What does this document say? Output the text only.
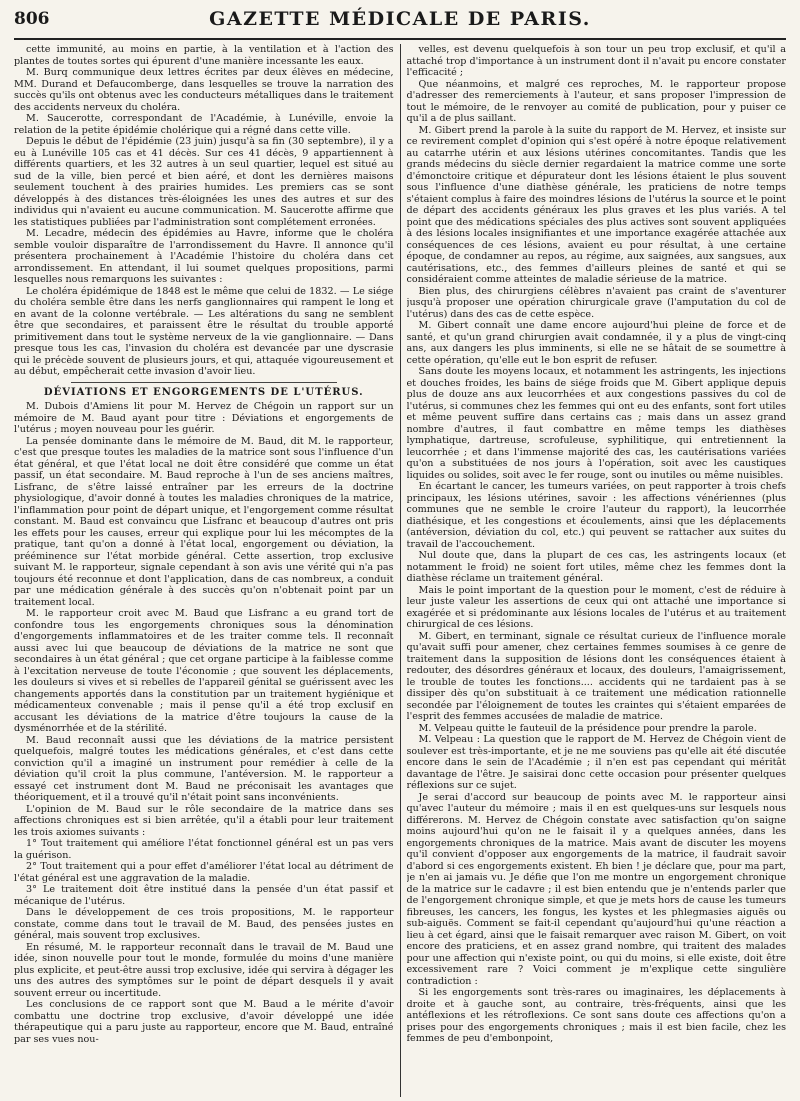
806	GAZETTE MÉDICALE DE PARIS.

cette immunité, au moins en partie, à la ventilation et à l'action des plantes de toutes sortes qui épurent d'une manière incessante les eaux.

M. Burq communique deux lettres écrites par deux élèves en médecine, MM. Durand et Defaucomberge, dans lesquelles se trouve la narration des succès qu'ils ont obtenus avec les conducteurs métalliques dans le traitement des accidents nerveux du choléra.

M. Saucerotte, correspondant de l'Académie, à Lunéville, envoie la relation de la petite épidémie cholérique qui a régné dans cette ville.

Depuis le début de l'épidémie (23 juin) jusqu'à sa fin (30 septembre), il y a eu à Lunéville 105 cas et 41 décès. Sur ces 41 décès, 9 appartiennent à différents quartiers, et les 32 autres à un seul quartier, lequel est situé au sud de la ville, bien percé et bien aéré, et dont les dernières maisons seulement touchent à des prairies humides. Les premiers cas se sont développés à des distances très-éloignées les unes des autres et sur des individus qui n'avaient eu aucune communication. M. Saucerotte affirme que les statistiques publiées par l'administration sont complétement erronées.

M. Lecadre, médecin des épidémies au Havre, informe que le choléra semble vouloir disparaître de l'arrondissement du Havre. Il annonce qu'il présentera prochainement à l'Académie l'histoire du choléra dans cet arrondissement. En attendant, il lui soumet quelques propositions, parmi lesquelles nous remarquons les suivantes :

Le choléra épidémique de 1848 est le même que celui de 1832. — Le siége du choléra semble être dans les nerfs ganglionnaires qui rampent le long et en avant de la colonne vertébrale. — Les altérations du sang ne semblent être que secondaires, et paraissent être le résultat du trouble apporté primitivement dans tout le système nerveux de la vie ganglionnaire. — Dans presque tous les cas, l'invasion du choléra est devancée par une dyscrasie qui le précède souvent de plusieurs jours, et qui, attaquée vigoureusement et au début, empêcherait cette invasion d'avoir lieu.

DÉVIATIONS ET ENGORGEMENTS DE L'UTÉRUS.

M. Dubois d'Amiens lit pour M. Hervez de Chégoin un rapport sur un mémoire de M. Baud ayant pour titre : Déviations et engorgements de l'utérus ; moyen nouveau pour les guérir.

La pensée dominante dans le mémoire de M. Baud, dit M. le rapporteur, c'est que presque toutes les maladies de la matrice sont sous l'influence d'un état général, et que l'état local ne doit être considéré que comme un état passif, un état secondaire. M. Baud reproche à l'un de ses anciens maîtres, Lisfranc, de s'être laissé entraîner par les erreurs de la doctrine physiologique, d'avoir donné à toutes les maladies chroniques de la matrice, l'inflammation pour point de départ unique, et l'engorgement comme résultat constant. M. Baud est convaincu que Lisfranc et beaucoup d'autres ont pris les effets pour les causes, erreur qui explique pour lui les mécomptes de la pratique, tant qu'on a donné à l'état local, engorgement ou déviation, la prééminence sur l'état morbide général. Cette assertion, trop exclusive suivant M. le rapporteur, signale cependant à son avis une vérité qui n'a pas toujours été reconnue et dont l'application, dans de cas nombreux, a conduit par une médication générale à des succès qu'on n'obtenait point par un traitement local.

M. le rapporteur croit avec M. Baud que Lisfranc a eu grand tort de confondre tous les engorgements chroniques sous la dénomination d'engorgements inflammatoires et de les traiter comme tels. Il reconnaît aussi avec lui que beaucoup de déviations de la matrice ne sont que secondaires à un état général ; que cet organe participe à la faiblesse comme à l'excitation nerveuse de toute l'économie ; que souvent les déplacements, les douleurs si vives et si rebelles de l'appareil génital se guérissent avec les changements apportés dans la constitution par un traitement hygiénique et médicamenteux convenable ; mais il pense qu'il a été trop exclusif en accusant les déviations de la matrice d'être toujours la cause de la dysménorrhée et de la stérilité.

M. Baud reconnaît aussi que les déviations de la matrice persistent quelquefois, malgré toutes les médications générales, et c'est dans cette conviction qu'il a imaginé un instrument pour remédier à celle de la déviation qu'il croit la plus commune, l'antéversion. M. le rapporteur a essayé cet instrument dont M. Baud ne préconisait les avantages que théoriquement, et il a trouvé qu'il n'était point sans inconvénients.

L'opinion de M. Baud sur le rôle secondaire de la matrice dans ses affections chroniques est si bien arrêtée, qu'il a établi pour leur traitement les trois axiomes suivants :

1° Tout traitement qui améliore l'état fonctionnel général est un pas vers la guérison.

2° Tout traitement qui a pour effet d'améliorer l'état local au détriment de l'état général est une aggravation de la maladie.

3° Le traitement doit être institué dans la pensée d'un état passif et mécanique de l'utérus.

Dans le développement de ces trois propositions, M. le rapporteur constate, comme dans tout le travail de M. Baud, des pensées justes en général, mais souvent trop exclusives.

En résumé, M. le rapporteur reconnaît dans le travail de M. Baud une idée, sinon nouvelle pour tout le monde, formulée du moins d'une manière plus explicite, et peut-être aussi trop exclusive, idée qui servira à dégager les uns des autres des symptômes sur le point de départ desquels il y avait souvent erreur ou incertitude.

Les conclusions de ce rapport sont que M. Baud a le mérite d'avoir combattu une doctrine trop exclusive, d'avoir développé une idée thérapeutique qui a paru juste au rapporteur, encore que M. Baud, entraîné par ses vues nou-

velles, est devenu quelquefois à son tour un peu trop exclusif, et qu'il a attaché trop d'importance à un instrument dont il n'avait pu encore constater l'efficacité ;

Que néanmoins, et malgré ces reproches, M. le rapporteur propose d'adresser des remerciements à l'auteur, et sans proposer l'impression de tout le mémoire, de le renvoyer au comité de publication, pour y puiser ce qu'il a de plus saillant.

M. Gibert prend la parole à la suite du rapport de M. Hervez, et insiste sur ce revirement complet d'opinion qui s'est opéré à notre époque relativement au catarrhe utérin et aux lésions utérines concomitantes. Tandis que les grands médecins du siècle dernier regardaient la matrice comme une sorte d'émonctoire critique et dépurateur dont les lésions étaient le plus souvent sous l'influence d'une diathèse générale, les praticiens de notre temps s'étaient complus à faire des moindres lésions de l'utérus la source et le point de départ des accidents généraux les plus graves et les plus variés. A tel point que des médications spéciales des plus actives sont souvent appliquées à des lésions locales insignifiantes et une importance exagérée attachée aux conséquences de ces lésions, avaient eu pour résultat, à une certaine époque, de condamner au repos, au régime, aux saignées, aux sangsues, aux cautérisations, etc., des femmes d'ailleurs pleines de santé et qui se considéraient comme atteintes de maladie sérieuse de la matrice.

Bien plus, des chirurgiens célèbres n'avaient pas craint de s'aventurer jusqu'à proposer une opération chirurgicale grave (l'amputation du col de l'utérus) dans des cas de cette espèce.

M. Gibert connaît une dame encore aujourd'hui pleine de force et de santé, et qu'un grand chirurgien avait condamnée, il y a plus de vingt-cinq ans, aux dangers les plus imminents, si elle ne se hâtait de se soumettre à cette opération, qu'elle eut le bon esprit de refuser.

Sans doute les moyens locaux, et notamment les astringents, les injections et douches froides, les bains de siége froids que M. Gibert applique depuis plus de douze ans aux leucorrhées et aux congestions passives du col de l'utérus, si communes chez les femmes qui ont eu des enfants, sont fort utiles et même peuvent suffire dans certains cas ; mais dans un assez grand nombre d'autres, il faut combattre en même temps les diathèses lymphatique, dartreuse, scrofuleuse, syphilitique, qui entretiennent la leucorrhée ; et dans l'immense majorité des cas, les cautérisations variées qu'on a substituées de nos jours à l'opération, soit avec les caustiques liquides ou solides, soit avec le fer rouge, sont ou inutiles ou même nuisibles.

En écartant le cancer, les tumeurs variées, on peut rapporter à trois chefs principaux, les lésions utérines, savoir : les affections vénériennes (plus communes que ne semble le croire l'auteur du rapport), la leucorrhée diathésique, et les congestions et écoulements, ainsi que les déplacements (antéversion, déviation du col, etc.) qui peuvent se rattacher aux suites du travail de l'accouchement.

Nul doute que, dans la plupart de ces cas, les astringents locaux (et notamment le froid) ne soient fort utiles, même chez les femmes dont la diathèse réclame un traitement général.

Mais le point important de la question pour le moment, c'est de réduire à leur juste valeur les assertions de ceux qui ont attaché une importance si exagérée et si prédominante aux lésions locales de l'utérus et au traitement chirurgical de ces lésions.

M. Gibert, en terminant, signale ce résultat curieux de l'influence morale qu'avait suffi pour amener, chez certaines femmes soumises à ce genre de traitement dans la supposition de lésions dont les conséquences étaient à redouter, des désordres généraux et locaux, des douleurs, l'amaigrissement, le trouble de toutes les fonctions.... accidents qui ne tardaient pas à se dissiper dès qu'on substituait à ce traitement une médication rationnelle secondée par l'éloignement de toutes les craintes qui s'étaient emparées de l'esprit des femmes accusées de maladie de matrice.

M. Velpeau quitte le fauteuil de la présidence pour prendre la parole.

M. Velpeau : La question que le rapport de M. Hervez de Chégoin vient de soulever est très-importante, et je ne me souviens pas qu'elle ait été discutée encore dans le sein de l'Académie ; il n'en est pas cependant qui méritât davantage de l'être. Je saisirai donc cette occasion pour présenter quelques réflexions sur ce sujet.

Je serai d'accord sur beaucoup de points avec M. le rapporteur ainsi qu'avec l'auteur du mémoire ; mais il en est quelques-uns sur lesquels nous différerons. M. Hervez de Chégoin constate avec satisfaction qu'on saigne moins aujourd'hui qu'on ne le faisait il y a quelques années, dans les engorgements chroniques de la matrice. Mais avant de discuter les moyens qu'il convient d'opposer aux engorgements de la matrice, il faudrait savoir d'abord si ces engorgements existent. Eh bien ! je déclare que, pour ma part, je n'en ai jamais vu. Je défie que l'on me montre un engorgement chronique de la matrice sur le cadavre ; il est bien entendu que je n'entends parler que de l'engorgement chronique simple, et que je mets hors de cause les tumeurs fibreuses, les cancers, les fongus, les kystes et les phlegmasies aiguës ou sub-aiguës. Comment se fait-il cependant qu'aujourd'hui qu'une réaction a lieu à cet égard, ainsi que le faisait remarquer avec raison M. Gibert, on voit encore des praticiens, et en assez grand nombre, qui traitent des malades pour une affection qui n'existe point, ou qui du moins, si elle existe, doit être excessivement rare ? Voici comment je m'explique cette singulière contradiction :

Si les engorgements sont très-rares ou imaginaires, les déplacements à droite et à gauche sont, au contraire, très-fréquents, ainsi que les antéflexions et les rétroflexions. Ce sont sans doute ces affections qu'on a prises pour des engorgements chroniques ; mais il est bien facile, chez les femmes de peu d'embonpoint,
